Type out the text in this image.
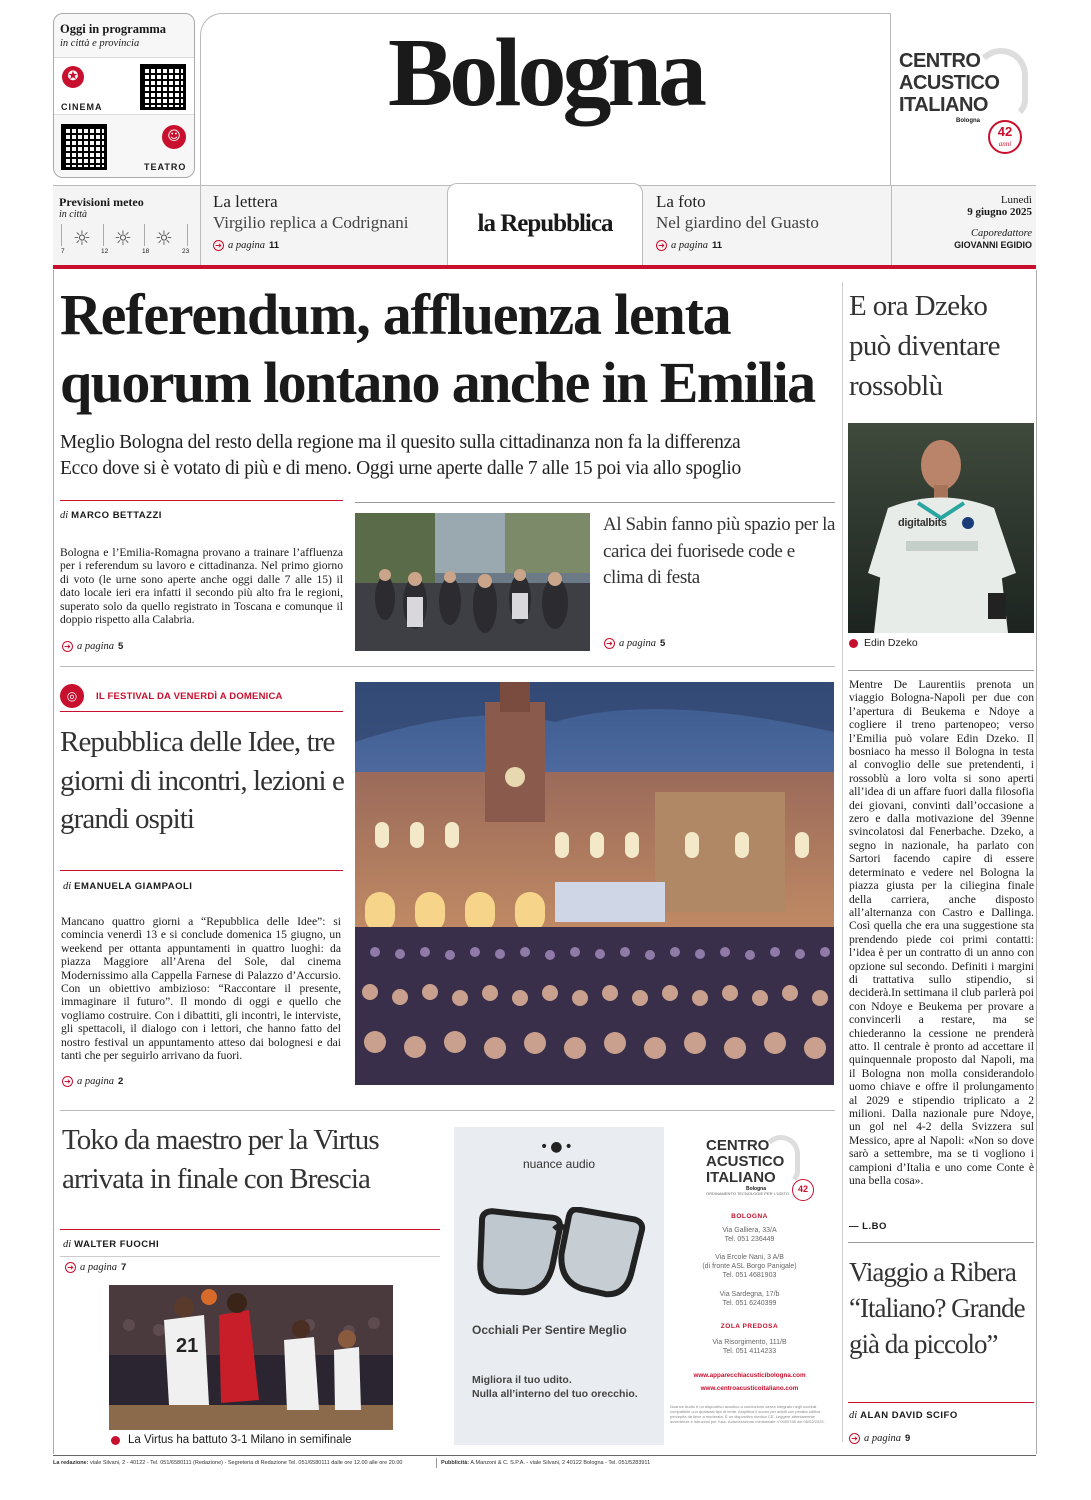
Oggi in programma
in città e provincia
✪
CINEMA
☺
TEATRO
Bologna	CENTRO
ACUSTICO
ITALIANO
Bologna
42
anni
Previsioni meteo
in città
☼ ☼ ☼
7	12	18	23
La lettera
Virgilio replica a Codrignani
➔ a pagina 11
la Repubblica
La foto
Nel giardino del Guasto
➔ a pagina 11
Lunedì
9 giugno 2025
Caporedattore
GIOVANNI EGIDIO
Referendum, affluenza lenta
quorum lontano anche in Emilia
Meglio Bologna del resto della regione ma il quesito sulla cittadinanza non fa la differenza
Ecco dove si è votato di più e di meno. Oggi urne aperte dalle 7 alle 15 poi via allo spoglio
di MARCO BETTAZZI
Bologna e l’Emilia-Romagna provano a trainare l’affluenza per i referendum su lavoro e cittadinanza. Nel primo giorno di voto (le urne sono aperte anche oggi dalle 7 alle 15) il dato locale ieri era infatti il secondo più alto fra le regioni, superato solo da quello registrato in Toscana e comunque il doppio rispetto alla Calabria.
➔ a pagina 5
Al Sabin fanno più spazio per la carica dei fuorisede code e clima di festa
➔ a pagina 5
E ora Dzeko può diventare rossoblù
digitalbits
Edin Dzeko
Mentre De Laurentiis prenota un viaggio Bologna-Napoli per due con l’apertura di Beukema e Ndoye a cogliere il treno partenopeo; verso l’Emilia può volare Edin Dzeko. Il bosniaco ha messo il Bologna in testa al convoglio delle sue pretendenti, i rossoblù a loro volta si sono aperti all’idea di un affare fuori dalla filosofia dei giovani, convinti dall’occasione a zero e dalla motivazione del 39enne svincolatosi dal Fenerbache. Dzeko, a segno in nazionale, ha parlato con Sartori facendo capire di essere determinato e vedere nel Bologna la piazza giusta per la ciliegina finale della carriera, anche disposto all’alternanza con Castro e Dallinga. Così quella che era una suggestione sta prendendo piede coi primi contatti: l’idea è per un contratto di un anno con opzione sul secondo. Definiti i margini di trattativa sullo stipendio, si deciderà.In settimana il club parlerà poi con Ndoye e Beukema per provare a convincerli a restare, ma se chiederanno la cessione ne prenderà atto. Il centrale è pronto ad accettare il quinquennale proposto dal Napoli, ma il Bologna non molla considerandolo uomo chiave e offre il prolungamento al 2029 e stipendio triplicato a 2 milioni. Dalla nazionale pure Ndoye, un gol nel 4-2 della Svizzera sul Messico, apre al Napoli: «Non so dove sarò a settembre, ma se ti vogliono i campioni d’Italia e uno come Conte è una bella cosa».
— L.BO
Viaggio a Ribera “Italiano? Grande già da piccolo”
di ALAN DAVID SCIFO
➔ a pagina 9
◎	IL FESTIVAL DA VENERDÌ A DOMENICA
Repubblica delle Idee, tre giorni di incontri, lezioni e grandi ospiti
di EMANUELA GIAMPAOLI
Mancano quattro giorni a “Repubblica delle Idee”: si comincia venerdì 13 e si conclude domenica 15 giugno, un weekend per ottanta appuntamenti in quattro luoghi: da piazza Maggiore all’Arena del Sole, dal cinema Modernissimo alla Cappella Farnese di Palazzo d’Accursio. Con un obiettivo ambizioso: “Raccontare il presente, immaginare il futuro”. Il mondo di oggi e quello che vogliamo costruire. Con i dibattiti, gli incontri, le interviste, gli spettacoli, il dialogo con i lettori, che hanno fatto del nostro festival un appuntamento atteso dai bolognesi e dai tanti che per seguirlo arrivano da fuori.
➔ a pagina 2
Toko da maestro per la Virtus arrivata in finale con Brescia
di WALTER FUOCHI
➔ a pagina 7
21
La Virtus ha battuto 3-1 Milano in semifinale
•●•
nuance audio
Occhiali Per Sentire Meglio
Migliora il tuo udito.
Nulla all’interno del tuo orecchio.
CENTRO
ACUSTICO
ITALIANO
Bologna	42
ORDINAMENTO TECNOLOGIE PER L'UDITO
BOLOGNA
Via Galliera, 33/A
Tel. 051 236449
Via Ercole Nani, 3 A/B
(di fronte ASL Borgo Panigale)
Tel. 051 4681903
Via Sardegna, 17/b
Tel. 051 6240399
ZOLA PREDOSA
Via Risorgimento, 111/B
Tel. 051 4114233
www.apparecchiacusticibologna.com
www.centroacusticoitaliano.com
Nuance Audio è un dispositivo acustico a conduzione aerea integrato negli occhiali, compatibile con qualsiasi tipo di lente. Amplifica il suono per adulti con perdita uditiva percepita da lieve a moderata. È un dispositivo medico CE. Leggere attentamente avvertenze e istruzioni per l'uso. Autorizzazione ministeriale n°0005785 del 06/02/2025.
La redazione: viale Silvani, 2 - 40122 - Tel. 051/6580111 (Redazione) - Segreteria di Redazione Tel. 051/6580111 dalle ore 12.00 alle ore 20.00	Pubblicità: A.Manzoni & C. S.P.A. - viale Silvani, 2 40122 Bologna - Tel. 051/5283911
